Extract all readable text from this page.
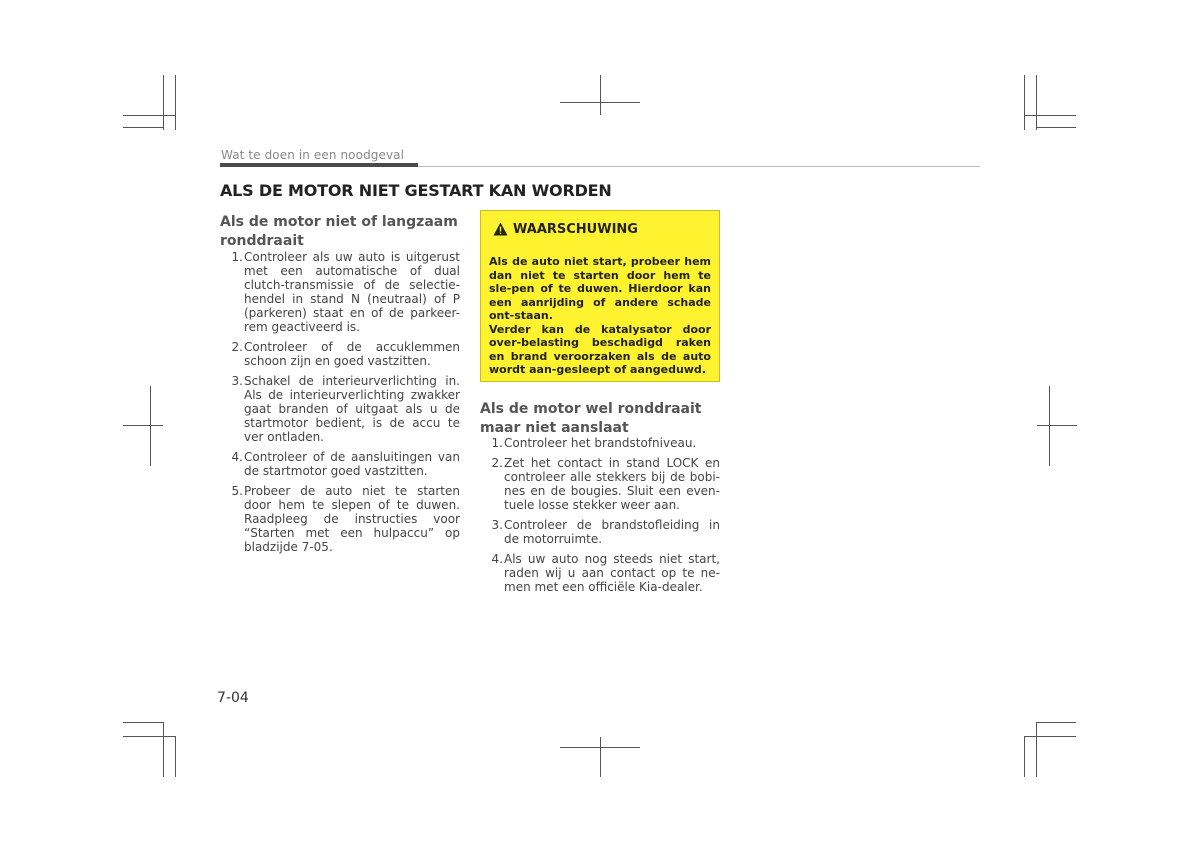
Wat te doen in een noodgeval
ALS DE MOTOR NIET GESTART KAN WORDEN
Als de motor niet of langzaam
ronddraait
1. Controleer als uw auto is uitgerust met een automatische of dual clutch-transmissie of de selectie-hendel in stand N (neutraal) of P (parkeren) staat en of de parkeer-rem geactiveerd is.
2. Controleer of de accuklemmen schoon zijn en goed vastzitten.
3. Schakel de interieurverlichting in. Als de interieurverlichting zwakker gaat branden of uitgaat als u de startmotor bedient, is de accu te ver ontladen.
4. Controleer of de aansluitingen van de startmotor goed vastzitten.
5. Probeer de auto niet te starten door hem te slepen of te duwen. Raadpleeg de instructies voor “Starten met een hulpaccu” op bladzijde 7-05.
WAARSCHUWING

Als de auto niet start, probeer hem dan niet te starten door hem te sle-pen of te duwen. Hierdoor kan een aanrijding of andere schade ont-staan.

Verder kan de katalysator door over-belasting beschadigd raken en brand veroorzaken als de auto wordt aan-gesleept of aangeduwd.

Als de motor wel ronddraait
maar niet aanslaat
1. Controleer het brandstofniveau.
2. Zet het contact in stand LOCK en controleer alle stekkers bij de bobi-nes en de bougies. Sluit een even-tuele losse stekker weer aan.
3. Controleer de brandstofleiding in de motorruimte.
4. Als uw auto nog steeds niet start, raden wij u aan contact op te ne-men met een officiële Kia-dealer.
7-04
